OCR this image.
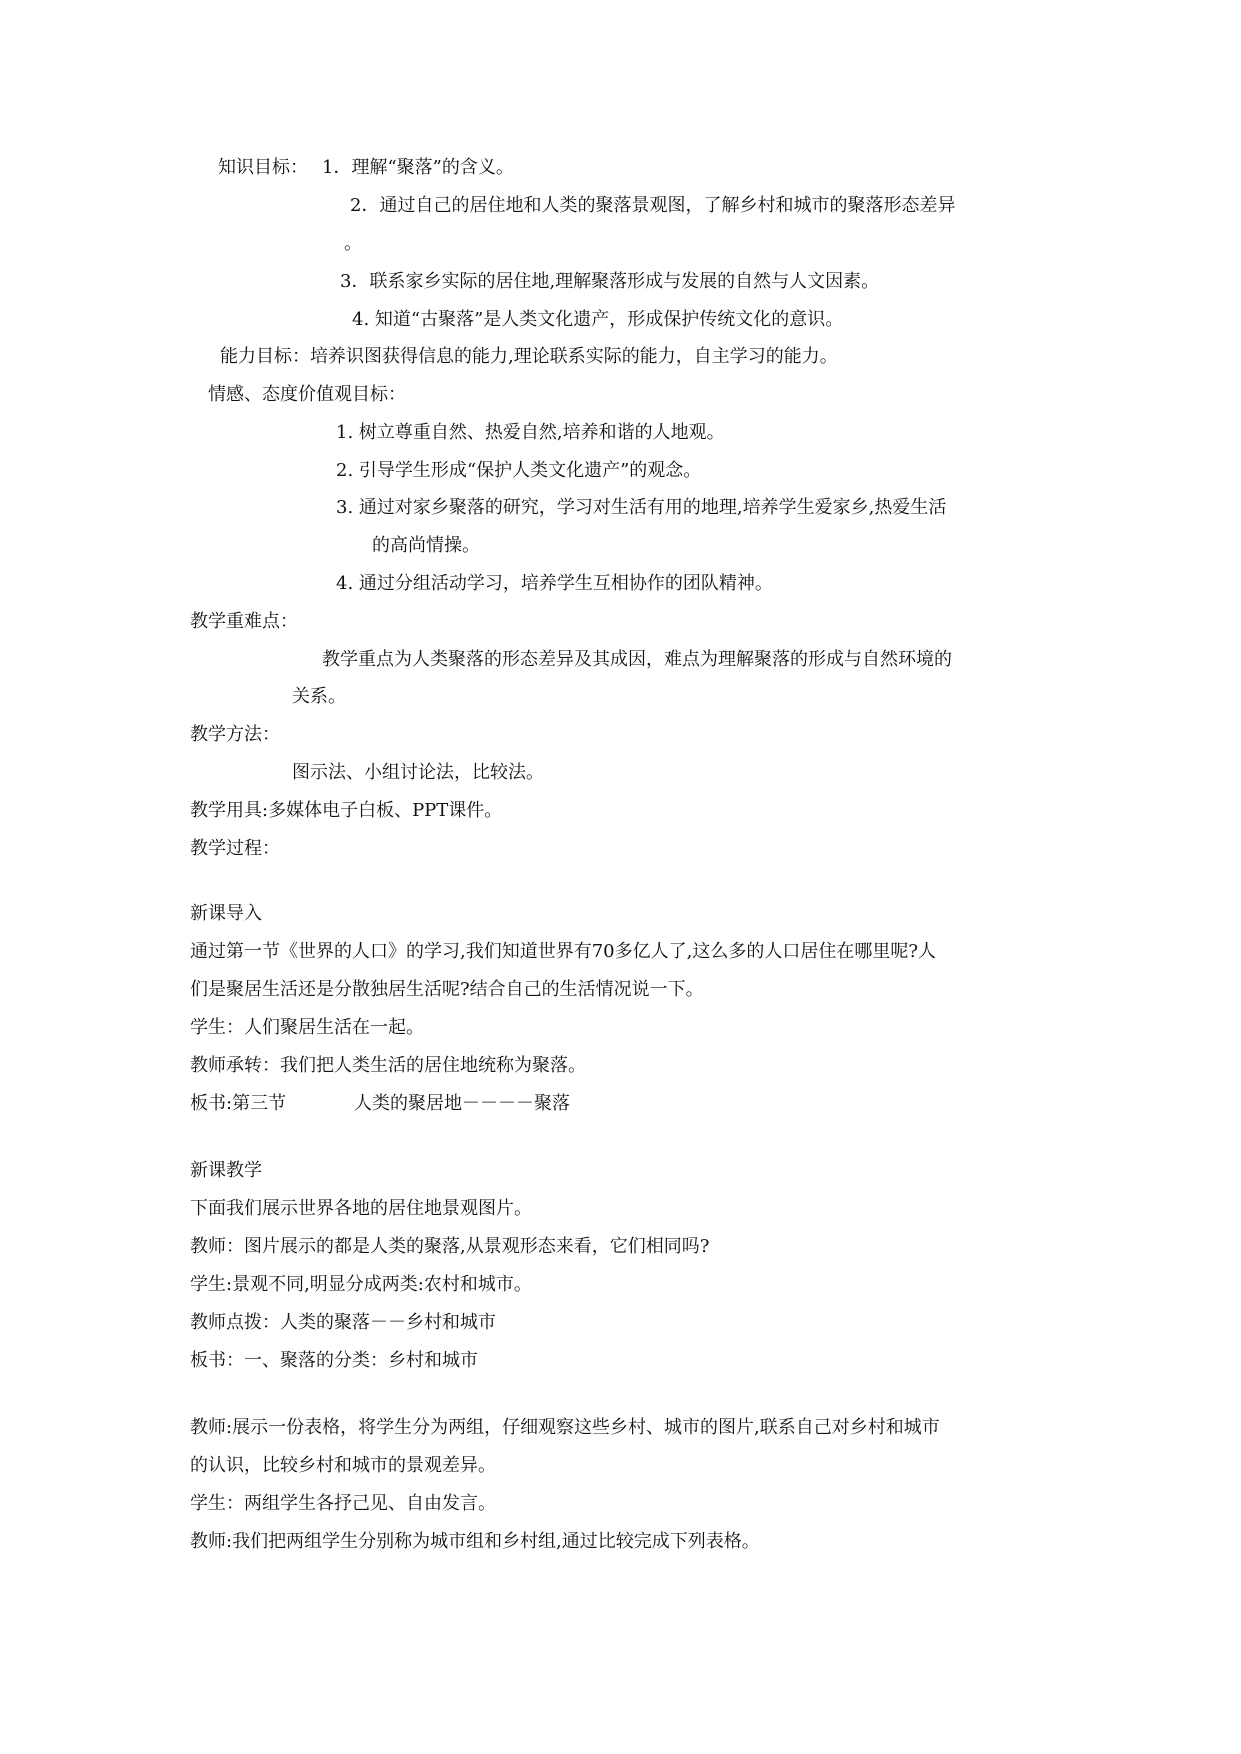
知识目标： 1．理解“聚落”的含义。
2．通过自己的居住地和人类的聚落景观图，了解乡村和城市的聚落形态差异
。
3．联系家乡实际的居住地,理解聚落形成与发展的自然与人文因素。
4. 知道“古聚落”是人类文化遗产，形成保护传统文化的意识。
能力目标：培养识图获得信息的能力,理论联系实际的能力，自主学习的能力。
情感、态度价值观目标：
1. 树立尊重自然、热爱自然,培养和谐的人地观。
2. 引导学生形成“保护人类文化遗产”的观念。
3. 通过对家乡聚落的研究，学习对生活有用的地理,培养学生爱家乡,热爱生活
的高尚情操。
4. 通过分组活动学习，培养学生互相协作的团队精神。
教学重难点：
教学重点为人类聚落的形态差异及其成因，难点为理解聚落的形成与自然环境的
关系。
教学方法：
图示法、小组讨论法，比较法。
教学用具:多媒体电子白板、PPT课件。
教学过程：
新课导入
通过第一节《世界的人口》的学习,我们知道世界有70多亿人了,这么多的人口居住在哪里呢?人
们是聚居生活还是分散独居生活呢?结合自己的生活情况说一下。
学生：人们聚居生活在一起。
教师承转：我们把人类生活的居住地统称为聚落。
板书:第三节	人类的聚居地－－－－聚落
新课教学
下面我们展示世界各地的居住地景观图片。
教师：图片展示的都是人类的聚落,从景观形态来看，它们相同吗?
学生:景观不同,明显分成两类:农村和城市。
教师点拨：人类的聚落－－乡村和城市
板书：一、聚落的分类：乡村和城市
教师:展示一份表格，将学生分为两组，仔细观察这些乡村、城市的图片,联系自己对乡村和城市
的认识，比较乡村和城市的景观差异。
学生：两组学生各抒己见、自由发言。
教师:我们把两组学生分别称为城市组和乡村组,通过比较完成下列表格。
